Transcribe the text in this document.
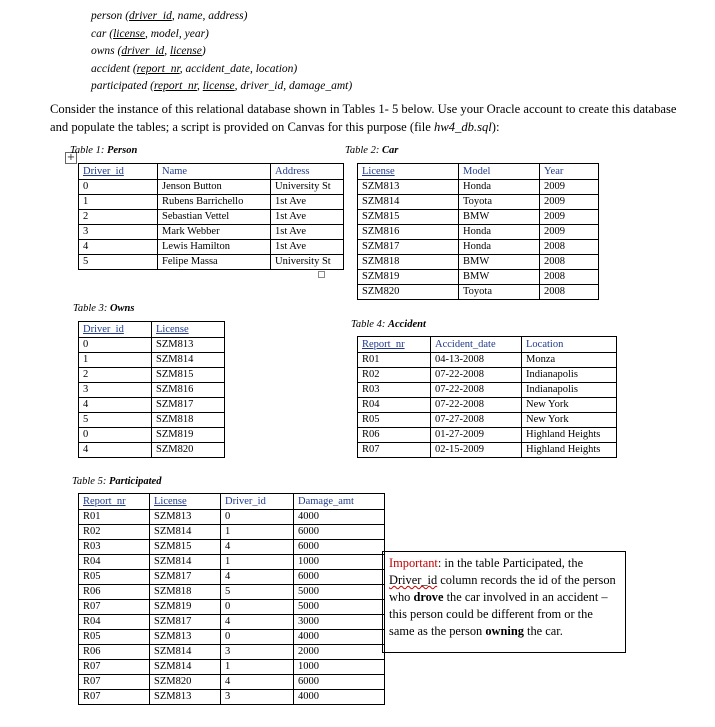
person (driver_id, name, address)
car (license, model, year)
owns (driver_id, license)
accident (report_nr, accident_date, location)
participated (report_nr, license, driver_id, damage_amt)
Consider the instance of this relational database shown in Tables 1- 5 below. Use your Oracle account to create this database and populate the tables; a script is provided on Canvas for this purpose (file hw4_db.sql):
+
Table 1: Person
Driver_id	Name	Address
0	Jenson Button	University St
1	Rubens Barrichello	1st Ave
2	Sebastian Vettel	1st Ave
3	Mark Webber	1st Ave
4	Lewis Hamilton	1st Ave
5	Felipe Massa	University St
Table 2: Car
License	Model	Year
SZM813	Honda	2009
SZM814	Toyota	2009
SZM815	BMW	2009
SZM816	Honda	2009
SZM817	Honda	2008
SZM818	BMW	2008
SZM819	BMW	2008
SZM820	Toyota	2008
Table 3: Owns
Driver_id	License
0	SZM813
1	SZM814
2	SZM815
3	SZM816
4	SZM817
5	SZM818
0	SZM819
4	SZM820
Table 4: Accident
Report_nr	Accident_date	Location
R01	04-13-2008	Monza
R02	07-22-2008	Indianapolis
R03	07-22-2008	Indianapolis
R04	07-22-2008	New York
R05	07-27-2008	New York
R06	01-27-2009	Highland Heights
R07	02-15-2009	Highland Heights
Table 5: Participated
Report_nr	License	Driver_id	Damage_amt
R01	SZM813	0	4000
R02	SZM814	1	6000
R03	SZM815	4	6000
R04	SZM814	1	1000
R05	SZM817	4	6000
R06	SZM818	5	5000
R07	SZM819	0	5000
R04	SZM817	4	3000
R05	SZM813	0	4000
R06	SZM814	3	2000
R07	SZM814	1	1000
R07	SZM820	4	6000
R07	SZM813	3	4000
Important: in the table Participated, the Driver_id column records the id of the person who drove the car involved in an accident – this person could be different from or the same as the person owning the car.
